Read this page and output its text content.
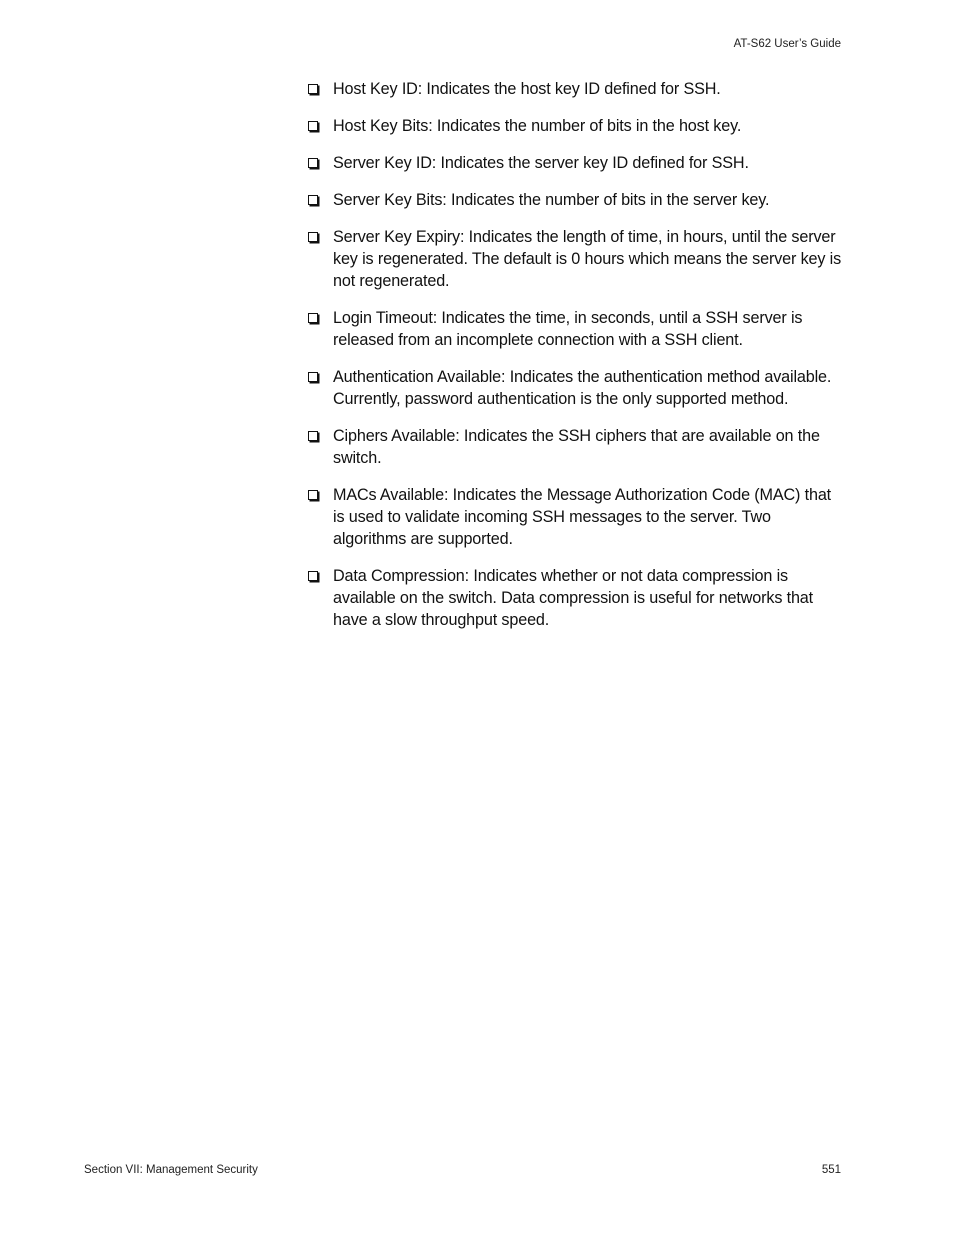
AT-S62 User’s Guide
Host Key ID: Indicates the host key ID defined for SSH.
Host Key Bits: Indicates the number of bits in the host key.
Server Key ID: Indicates the server key ID defined for SSH.
Server Key Bits: Indicates the number of bits in the server key.
Server Key Expiry: Indicates the length of time, in hours, until the server key is regenerated. The default is 0 hours which means the server key is not regenerated.
Login Timeout: Indicates the time, in seconds, until a SSH server is released from an incomplete connection with a SSH client.
Authentication Available: Indicates the authentication method available. Currently, password authentication is the only supported method.
Ciphers Available: Indicates the SSH ciphers that are available on the switch.
MACs Available: Indicates the Message Authorization Code (MAC) that is used to validate incoming SSH messages to the server. Two algorithms are supported.
Data Compression: Indicates whether or not data compression is available on the switch. Data compression is useful for networks that have a slow throughput speed.
Section VII: Management Security	551
